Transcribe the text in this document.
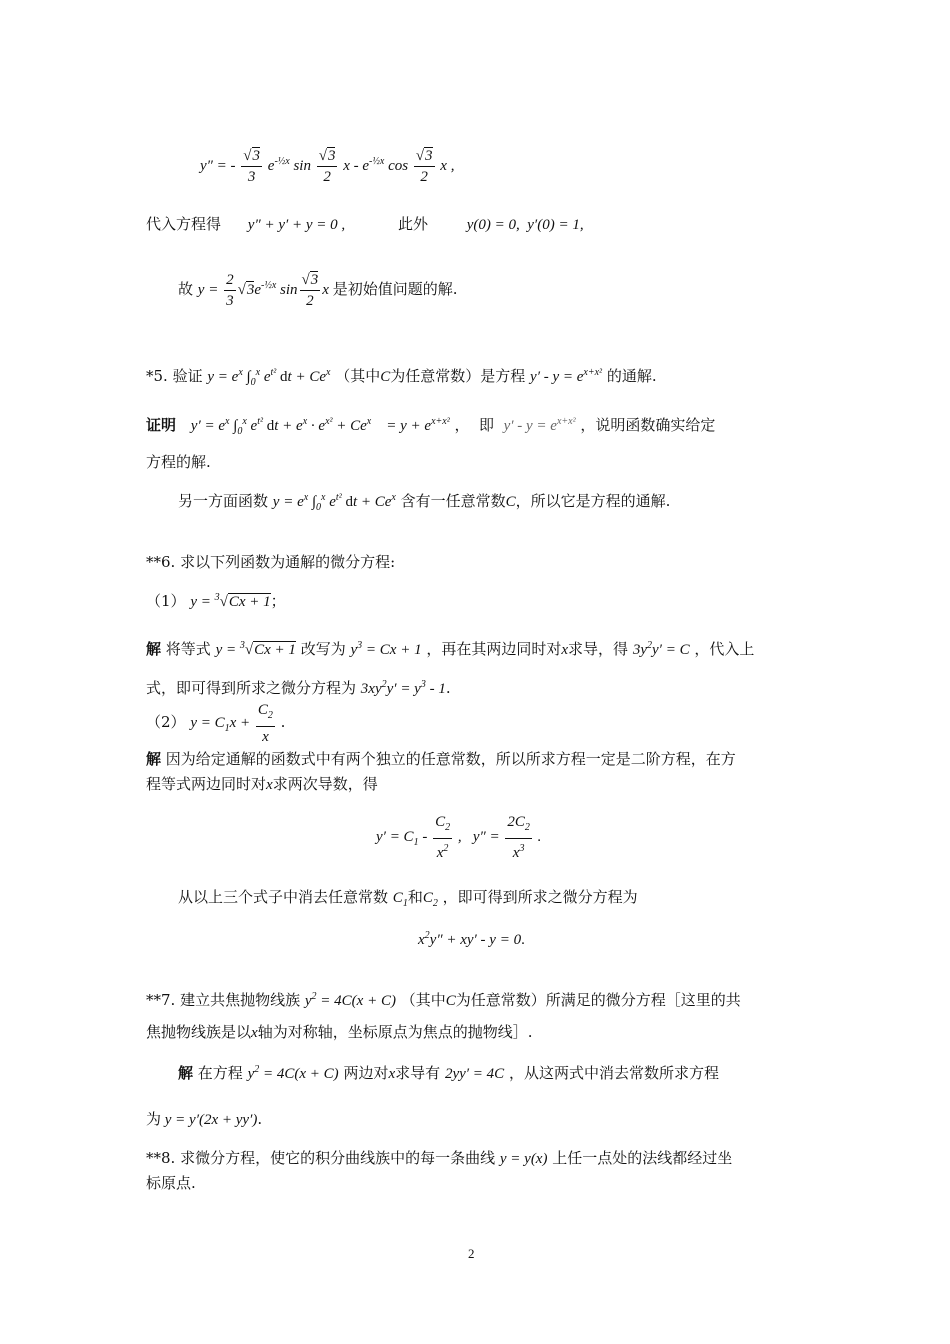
y″ = - $\frac{√3}{3} e^{-\frac{1}{2}x}$ $\sin \frac{√3}{2}$ x - $e^{-\frac{1}{2}x}$ $\cos \frac{√3}{2}$ x ,
代入方程得 y″ + y′ + y = 0 ,	此外	y(0) = 0,  y′(0) = 1,
故 $y = \frac{2}{3} √3e^{-\frac{1}{2}x}$ $\sin \frac{√3}{2}$ x 是初始值问题的解.
*5. 验证 $y = e^x$ $\int_0^x$ $e^{t^2}$ dt + $Ce^x$ （其中C为任意常数）是方程 $y' - y = e^{x+x^2}$ 的通解.
证明 $y' = e^x$ $\int_0^x$ $e^{t^2}$ dt + $e^x \cdot e^{x^2} + Ce^x$    = $y + e^{x+x^2}$ ，  即  $y' - y = e^{x+x^2}$ ，说明函数确实给定
方程的解.
另一方面函数 $y = e^x$ $\int_0^x$ $e^{t^2}$ dt + $Ce^x$ 含有一任意常数C，所以它是方程的通解.
**6. 求以下列函数为通解的微分方程:
（1） y = $^3$√Cx + 1；
解 将等式 y = $^3$√Cx + 1 改写为 $y^3 = Cx + 1$ ，再在其两边同时对x求导，得 $3y^2y' = C$ ，代入上
式，即可得到所求之微分方程为 $3xy^2y' = y^3 - 1$.
（2） $y = C_1x + \frac{C_2}{x}$ .
解 因为给定通解的函数式中有两个独立的任意常数，所以所求方程一定是二阶方程，在方
程等式两边同时对x求两次导数，得
$y' = C_1 - \frac{C_2}{x^2}$ ,   $y'' = \frac{2C_2}{x^3}$ .
从以上三个式子中消去任意常数 $C_1$和$C_2$ ，即可得到所求之微分方程为
$x^2y'' + xy' - y = 0$.
**7. 建立共焦抛物线族 $y^2 = 4C(x + C)$ （其中C为任意常数）所满足的微分方程［这里的共
焦抛物线族是以x轴为对称轴，坐标原点为焦点的抛物线］.
解 在方程 $y^2 = 4C(x + C)$ 两边对x求导有 2yy′ = 4C ，从这两式中消去常数所求方程
为 y = y′(2x + yy′).
**8. 求微分方程，使它的积分曲线族中的每一条曲线 y = y(x) 上任一点处的法线都经过坐
标原点.
2
